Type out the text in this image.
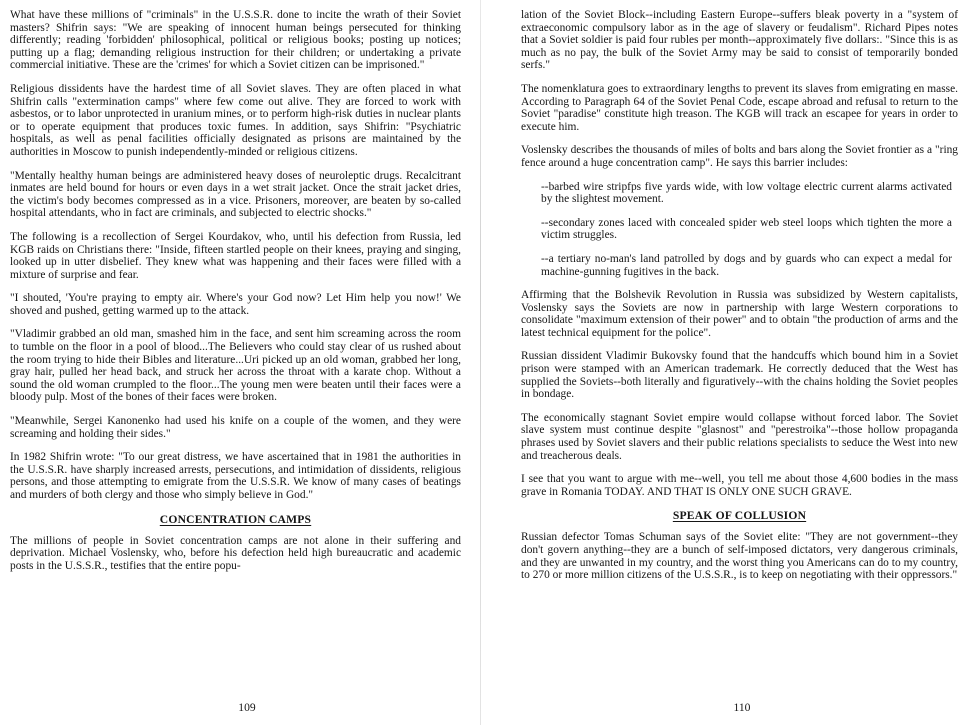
What have these millions of "criminals" in the U.S.S.R. done to incite the wrath of their Soviet masters? Shifrin says: "We are speaking of innocent human beings persecuted for thinking differently; reading 'forbidden' philosophical, political or religious books; posting up notices; putting up a flag; demanding religious instruction for their children; or undertaking a private commercial initiative. These are the 'crimes' for which a Soviet citizen can be imprisoned."

Religious dissidents have the hardest time of all Soviet slaves. They are often placed in what Shifrin calls "extermination camps" where few come out alive. They are forced to work with asbestos, or to labor unprotected in uranium mines, or to perform high-risk duties in nuclear plants or to operate equipment that produces toxic fumes. In addition, says Shifrin: "Psychiatric hospitals, as well as penal facilities officially designated as prisons are maintained by the authorities in Moscow to punish independently-minded or religious citizens.

"Mentally healthy human beings are administered heavy doses of neuroleptic drugs. Recalcitrant inmates are held bound for hours or even days in a wet strait jacket. Once the strait jacket dries, the victim's body becomes compressed as in a vice. Prisoners, moreover, are beaten by so-called hospital attendants, who in fact are criminals, and subjected to electric shocks."

The following is a recollection of Sergei Kourdakov, who, until his defection from Russia, led KGB raids on Christians there: "Inside, fifteen startled people on their knees, praying and singing, looked up in utter disbelief. They knew what was happening and their faces were filled with a mixture of surprise and fear.

"I shouted, 'You're praying to empty air. Where's your God now? Let Him help you now!' We shoved and pushed, getting warmed up to the attack.

"Vladimir grabbed an old man, smashed him in the face, and sent him screaming across the room to tumble on the floor in a pool of blood...The Believers who could stay clear of us rushed about the room trying to hide their Bibles and literature...Uri picked up an old woman, grabbed her long, gray hair, pulled her head back, and struck her across the throat with a karate chop. Without a sound the old woman crumpled to the floor...The young men were beaten until their faces were a bloody pulp. Most of the bones of their faces were broken.

"Meanwhile, Sergei Kanonenko had used his knife on a couple of the women, and they were screaming and holding their sides."

In 1982 Shifrin wrote: "To our great distress, we have ascertained that in 1981 the authorities in the U.S.S.R. have sharply increased arrests, persecutions, and intimidation of dissidents, religious persons, and those attempting to emigrate from the U.S.S.R. We know of many cases of beatings and murders of both clergy and those who simply believe in God."

CONCENTRATION CAMPS

The millions of people in Soviet concentration camps are not alone in their suffering and deprivation. Michael Voslensky, who, before his defection held high bureaucratic and academic posts in the U.S.S.R., testifies that the entire popu-

109

lation of the Soviet Block--including Eastern Europe--suffers bleak poverty in a "system of extraeconomic compulsory labor as in the age of slavery or feudalism". Richard Pipes notes that a Soviet soldier is paid four rubles per month--approximately five dollars:. "Since this is as much as no pay, the bulk of the Soviet Army may be said to consist of temporarily bonded serfs."

The nomenklatura goes to extraordinary lengths to prevent its slaves from emigrating en masse. According to Paragraph 64 of the Soviet Penal Code, escape abroad and refusal to return to the Soviet "paradise" constitute high treason. The KGB will track an escapee for years in order to execute him.

Voslensky describes the thousands of miles of bolts and bars along the Soviet frontier as a "ring fence around a huge concentration camp". He says this barrier includes:

--barbed wire stripfps five yards wide, with low voltage electric current alarms activated by the slightest movement.

--secondary zones laced with concealed spider web steel loops which tighten the more a victim struggles.

--a tertiary no-man's land patrolled by dogs and by guards who can expect a medal for machine-gunning fugitives in the back.

Affirming that the Bolshevik Revolution in Russia was subsidized by Western capitalists, Voslensky says the Soviets are now in partnership with large Western corporations to consolidate "maximum extension of their power" and to obtain "the production of arms and the latest technical equipment for the police".

Russian dissident Vladimir Bukovsky found that the handcuffs which bound him in a Soviet prison were stamped with an American trademark. He correctly deduced that the West has supplied the Soviets--both literally and figuratively--with the chains holding the Soviet peoples in bondage.

The economically stagnant Soviet empire would collapse without forced labor. The Soviet slave system must continue despite "glasnost" and "perestroika"--those hollow propaganda phrases used by Soviet slavers and their public relations specialists to seduce the West into new and treacherous deals.

I see that you want to argue with me--well, you tell me about those 4,600 bodies in the mass grave in Romania TODAY. AND THAT IS ONLY ONE SUCH GRAVE.

SPEAK OF COLLUSION

Russian defector Tomas Schuman says of the Soviet elite: "They are not government--they don't govern anything--they are a bunch of self-imposed dictators, very dangerous criminals, and they are unwanted in my country, and the worst thing you Americans can do to my country, to 270 or more million citizens of the U.S.S.R., is to keep on negotiating with their oppressors."

110
